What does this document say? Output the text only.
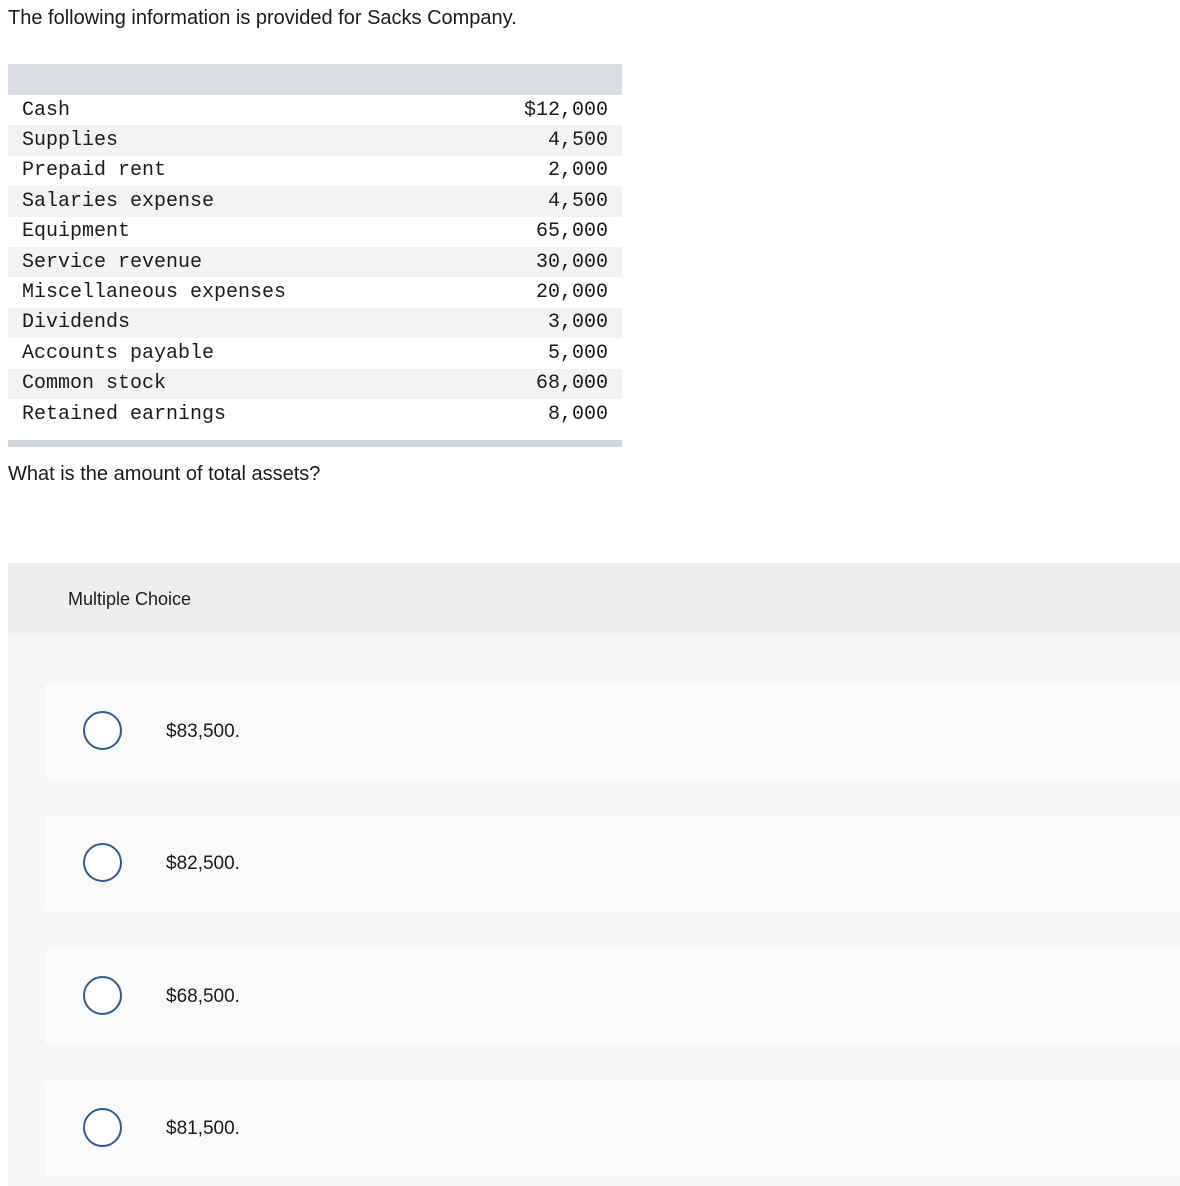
The following information is provided for Sacks Company.
Cash	$12,000
Supplies	4,500
Prepaid rent	2,000
Salaries expense	4,500
Equipment	65,000
Service revenue	30,000
Miscellaneous expenses	20,000
Dividends	3,000
Accounts payable	5,000
Common stock	68,000
Retained earnings	8,000
What is the amount of total assets?
Multiple Choice
$83,500.
$82,500.
$68,500.
$81,500.
